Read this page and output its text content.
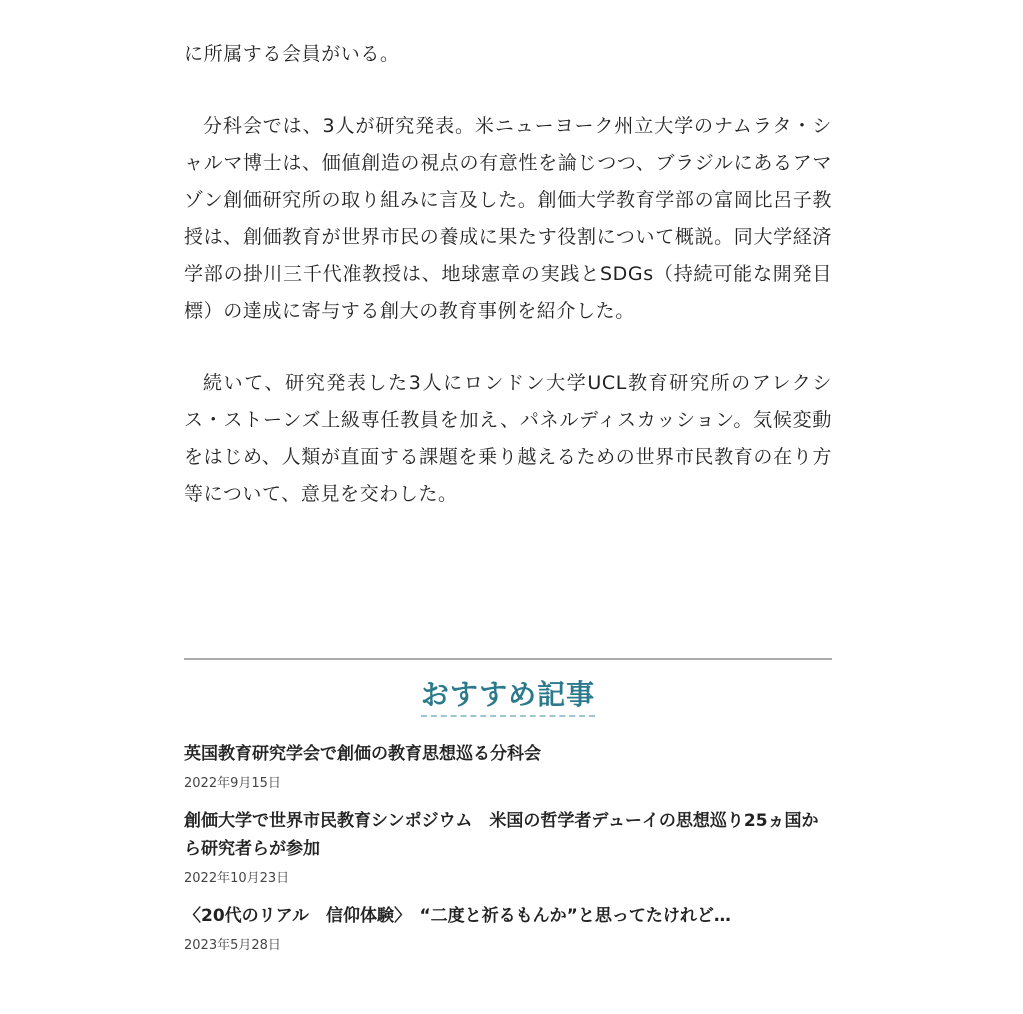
に所属する会員がいる。

分科会では、3人が研究発表。米ニューヨーク州立大学のナムラタ・シャルマ博士は、価値創造の視点の有意性を論じつつ、ブラジルにあるアマゾン創価研究所の取り組みに言及した。創価大学教育学部の富岡比呂子教授は、創価教育が世界市民の養成に果たす役割について概説。同大学経済学部の掛川三千代准教授は、地球憲章の実践とSDGs（持続可能な開発目標）の達成に寄与する創大の教育事例を紹介した。

続いて、研究発表した3人にロンドン大学UCL教育研究所のアレクシス・ストーンズ上級専任教員を加え、パネルディスカッション。気候変動をはじめ、人類が直面する課題を乗り越えるための世界市民教育の在り方等について、意見を交わした。

おすすめ記事
英国教育研究学会で創価の教育思想巡る分科会
2022年9月15日
創価大学で世界市民教育シンポジウム　米国の哲学者デューイの思想巡り25ヵ国から研究者らが参加
2022年10月23日
〈20代のリアル　信仰体験〉　“二度と祈るもんか”と思ってたけれど…
2023年5月28日
